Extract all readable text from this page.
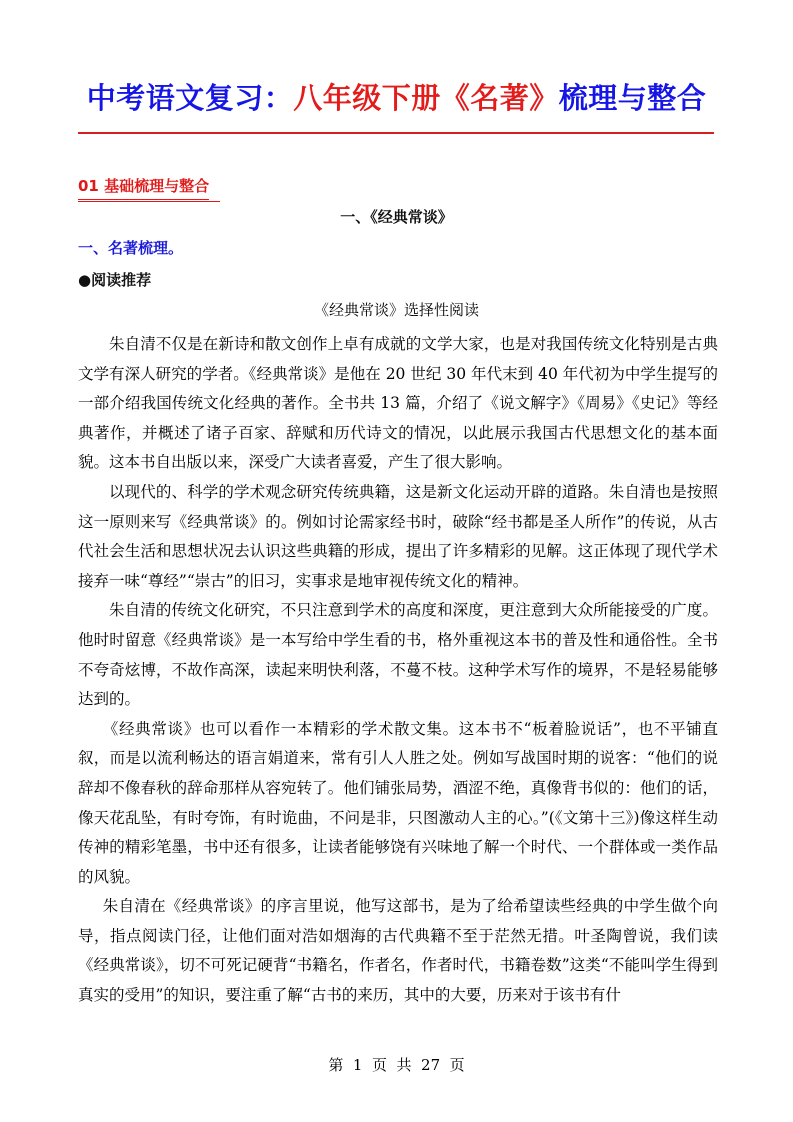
中考语文复习：八年级下册《名著》梳理与整合
01 基础梳理与整合
一、《经典常谈》
一、名著梳理。
●阅读推荐
《经典常谈》选择性阅读

朱自清不仅是在新诗和散文创作上卓有成就的文学大家，也是对我国传统文化特别是古典文学有深人研究的学者。《经典常谈》是他在 20 世纪 30 年代末到 40 年代初为中学生提写的一部介绍我国传统文化经典的著作。全书共 13 篇，介绍了《说文解字》《周易》《史记》等经典著作，并概述了诸子百家、辞赋和历代诗文的情况，以此展示我国古代思想文化的基本面貌。这本书自出版以来，深受广大读者喜爱，产生了很大影响。

以现代的、科学的学术观念研究传统典籍，这是新文化运动开辟的道路。朱自清也是按照这一原则来写《经典常谈》的。例如讨论需家经书时，破除“经书都是圣人所作”的传说，从古代社会生活和思想状况去认识这些典籍的形成，提出了许多精彩的见解。这正体现了现代学术接弃一味“尊经”“崇古”的旧习，实事求是地审视传统文化的精神。

朱自清的传统文化研究，不只注意到学术的高度和深度，更注意到大众所能接受的广度。他时时留意《经典常谈》是一本写给中学生看的书，格外重视这本书的普及性和通俗性。全书不夸奇炫博，不故作高深，读起来明快利落，不蔓不枝。这种学术写作的境界，不是轻易能够达到的。

《经典常谈》也可以看作一本精彩的学术散文集。这本书不“板着脸说话”，也不平铺直叙，而是以流利畅达的语言娟道来，常有引人人胜之处。例如写战国时期的说客：“他们的说辞却不像春秋的辞命那样从容宛转了。他们铺张局势，酒涩不绝，真像背书似的：他们的话，像天花乱坠，有时夸饰，有时诡曲，不问是非，只图激动人主的心。”(《文第十三》)像这样生动传神的精彩笔墨，书中还有很多，让读者能够饶有兴味地了解一个时代、一个群体或一类作品的风貌。

朱自清在《经典常谈》的序言里说，他写这部书，是为了给希望读些经典的中学生做个向导，指点阅读门径，让他们面对浩如烟海的古代典籍不至于茫然无措。叶圣陶曾说，我们读《经典常谈》，切不可死记硬背“书籍名，作者名，作者时代，书籍卷数”这类“不能叫学生得到真实的受用”的知识，要注重了解“古书的来历，其中的大要，历来对于该书有什

第  1  页  共  27  页
